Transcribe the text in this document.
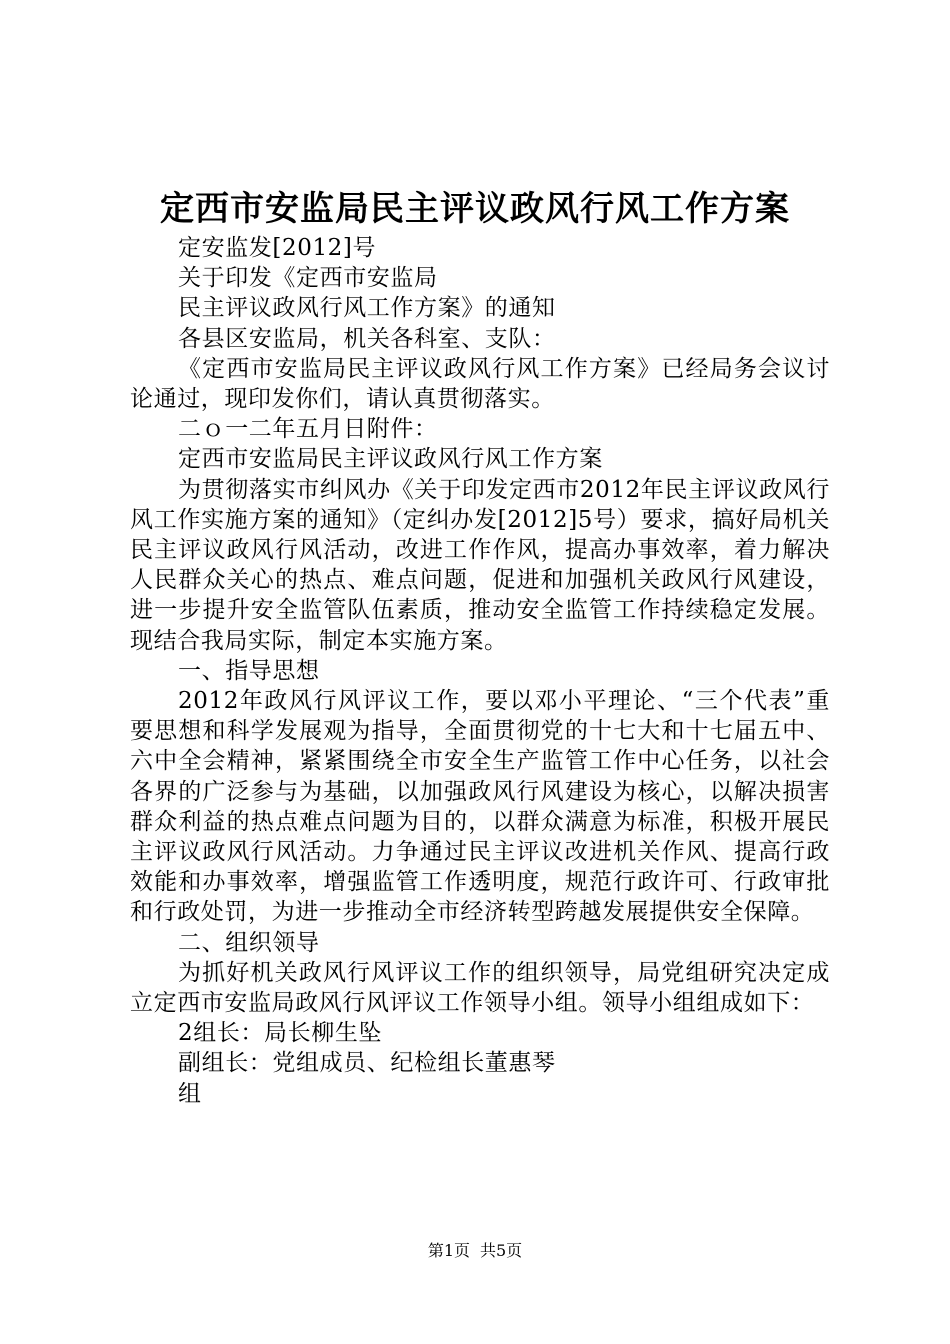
定西市安监局民主评议政风行风工作方案

定安监发[2012]号

关于印发《定西市安监局

民主评议政风行风工作方案》的通知

各县区安监局，机关各科室、支队：

《定西市安监局民主评议政风行风工作方案》已经局务会议讨论通过，现印发你们，请认真贯彻落实。

二ｏ一二年五月日附件：

定西市安监局民主评议政风行风工作方案

为贯彻落实市纠风办《关于印发定西市2012年民主评议政风行风工作实施方案的通知》（定纠办发[2012]5号）要求，搞好局机关民主评议政风行风活动，改进工作作风，提高办事效率，着力解决人民群众关心的热点、难点问题，促进和加强机关政风行风建设，进一步提升安全监管队伍素质，推动安全监管工作持续稳定发展。现结合我局实际，制定本实施方案。

一、指导思想

2012年政风行风评议工作，要以邓小平理论、“三个代表”重要思想和科学发展观为指导，全面贯彻党的十七大和十七届五中、六中全会精神，紧紧围绕全市安全生产监管工作中心任务，以社会各界的广泛参与为基础，以加强政风行风建设为核心，以解决损害群众利益的热点难点问题为目的，以群众满意为标准，积极开展民主评议政风行风活动。力争通过民主评议改进机关作风、提高行政效能和办事效率，增强监管工作透明度，规范行政许可、行政审批和行政处罚，为进一步推动全市经济转型跨越发展提供安全保障。

二、组织领导

为抓好机关政风行风评议工作的组织领导，局党组研究决定成立定西市安监局政风行风评议工作领导小组。领导小组组成如下：

2组长：局长柳生坠

副组长：党组成员、纪检组长董惠琴

组

第1页 共5页
